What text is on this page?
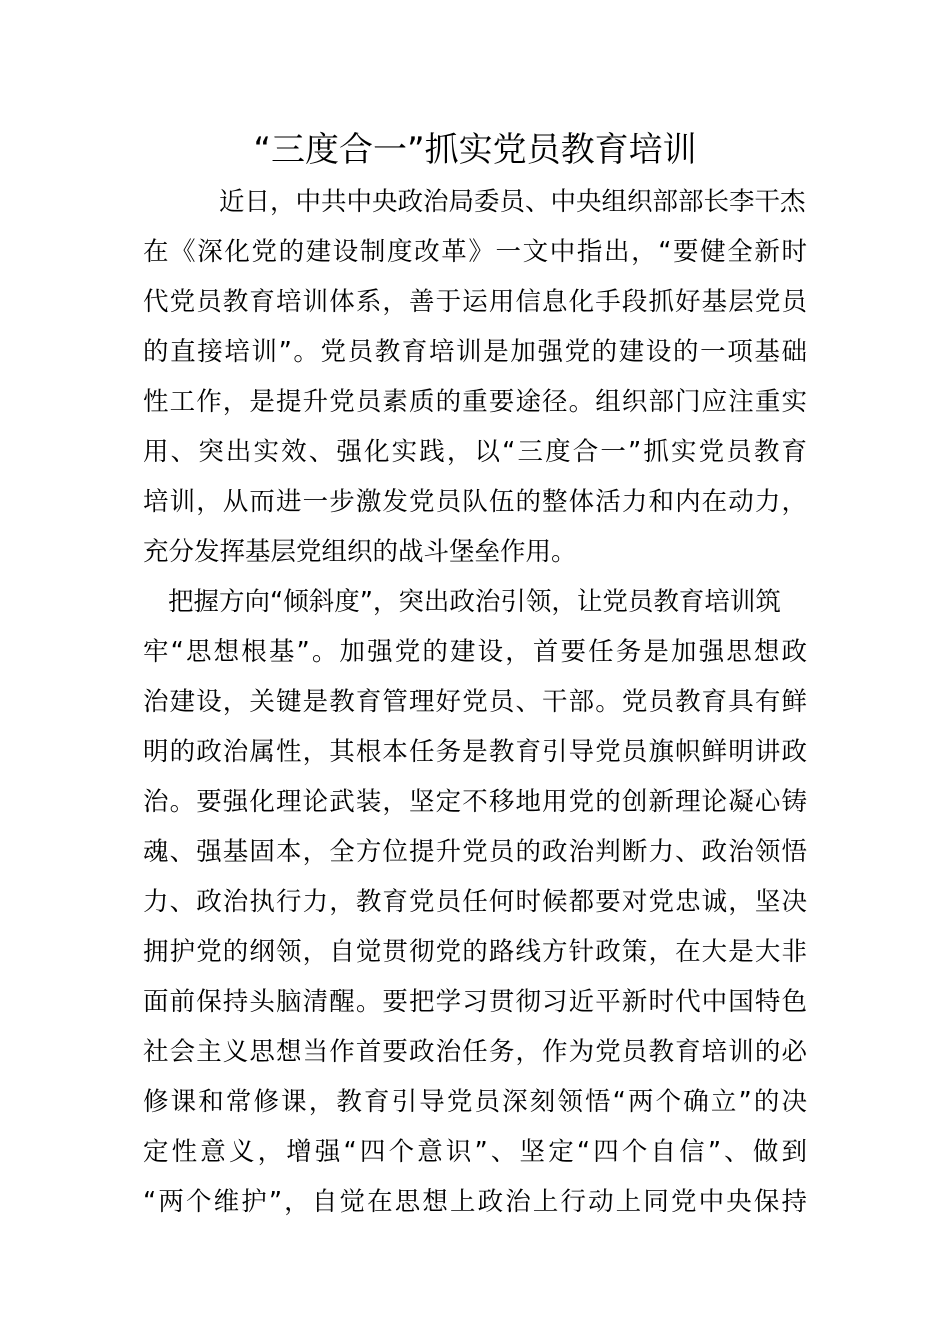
“三度合一”抓实党员教育培训
近日，中共中央政治局委员、中央组织部部长李干杰
在《深化党的建设制度改革》一文中指出，“要健全新时
代党员教育培训体系，善于运用信息化手段抓好基层党员
的直接培训”。党员教育培训是加强党的建设的一项基础
性工作，是提升党员素质的重要途径。组织部门应注重实
用、突出实效、强化实践，以“三度合一”抓实党员教育
培训，从而进一步激发党员队伍的整体活力和内在动力，
充分发挥基层党组织的战斗堡垒作用。
把握方向“倾斜度”，突出政治引领，让党员教育培训筑
牢“思想根基”。加强党的建设，首要任务是加强思想政
治建设，关键是教育管理好党员、干部。党员教育具有鲜
明的政治属性，其根本任务是教育引导党员旗帜鲜明讲政
治。要强化理论武装，坚定不移地用党的创新理论凝心铸
魂、强基固本，全方位提升党员的政治判断力、政治领悟
力、政治执行力，教育党员任何时候都要对党忠诚，坚决
拥护党的纲领，自觉贯彻党的路线方针政策，在大是大非
面前保持头脑清醒。要把学习贯彻习近平新时代中国特色
社会主义思想当作首要政治任务，作为党员教育培训的必
修课和常修课，教育引导党员深刻领悟“两个确立”的决
定性意义，增强“四个意识”、坚定“四个自信”、做到
“两个维护”，自觉在思想上政治上行动上同党中央保持
